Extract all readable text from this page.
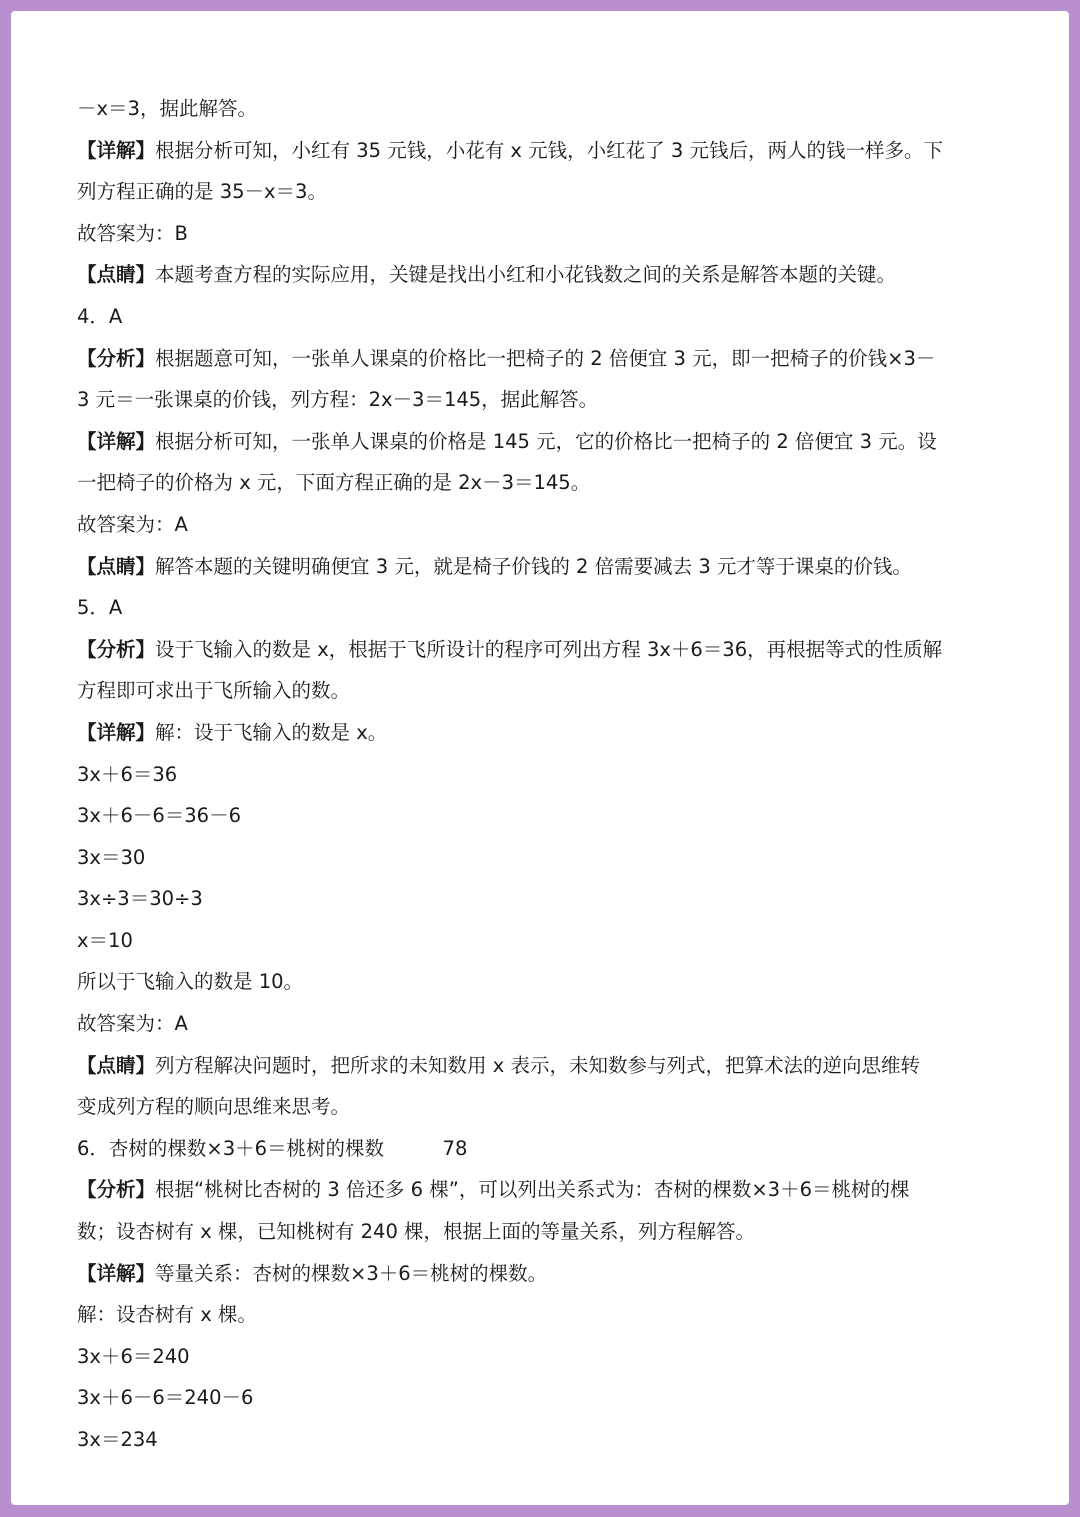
－x＝3，据此解答。
【详解】根据分析可知，小红有 35 元钱，小花有 x 元钱，小红花了 3 元钱后，两人的钱一样多。下
列方程正确的是 35－x＝3。
故答案为：B
【点睛】本题考查方程的实际应用，关键是找出小红和小花钱数之间的关系是解答本题的关键。
4．A
【分析】根据题意可知，一张单人课桌的价格比一把椅子的 2 倍便宜 3 元，即一把椅子的价钱×3－
3 元＝一张课桌的价钱，列方程：2x－3＝145，据此解答。
【详解】根据分析可知，一张单人课桌的价格是 145 元，它的价格比一把椅子的 2 倍便宜 3 元。设
一把椅子的价格为 x 元，下面方程正确的是 2x－3＝145。
故答案为：A
【点睛】解答本题的关键明确便宜 3 元，就是椅子价钱的 2 倍需要减去 3 元才等于课桌的价钱。
5．A
【分析】设于飞输入的数是 x，根据于飞所设计的程序可列出方程 3x＋6＝36，再根据等式的性质解
方程即可求出于飞所输入的数。
【详解】解：设于飞输入的数是 x。
3x＋6＝36
3x＋6－6＝36－6
3x＝30
3x÷3＝30÷3
x＝10
所以于飞输入的数是 10。
故答案为：A
【点睛】列方程解决问题时，把所求的未知数用 x 表示，未知数参与列式，把算术法的逆向思维转
变成列方程的顺向思维来思考。
6．杏树的棵数×3＋6＝桃树的棵数　　　78
【分析】根据“桃树比杏树的 3 倍还多 6 棵”，可以列出关系式为：杏树的棵数×3＋6＝桃树的棵
数；设杏树有 x 棵，已知桃树有 240 棵，根据上面的等量关系，列方程解答。
【详解】等量关系：杏树的棵数×3＋6＝桃树的棵数。
解：设杏树有 x 棵。
3x＋6＝240
3x＋6－6＝240－6
3x＝234
